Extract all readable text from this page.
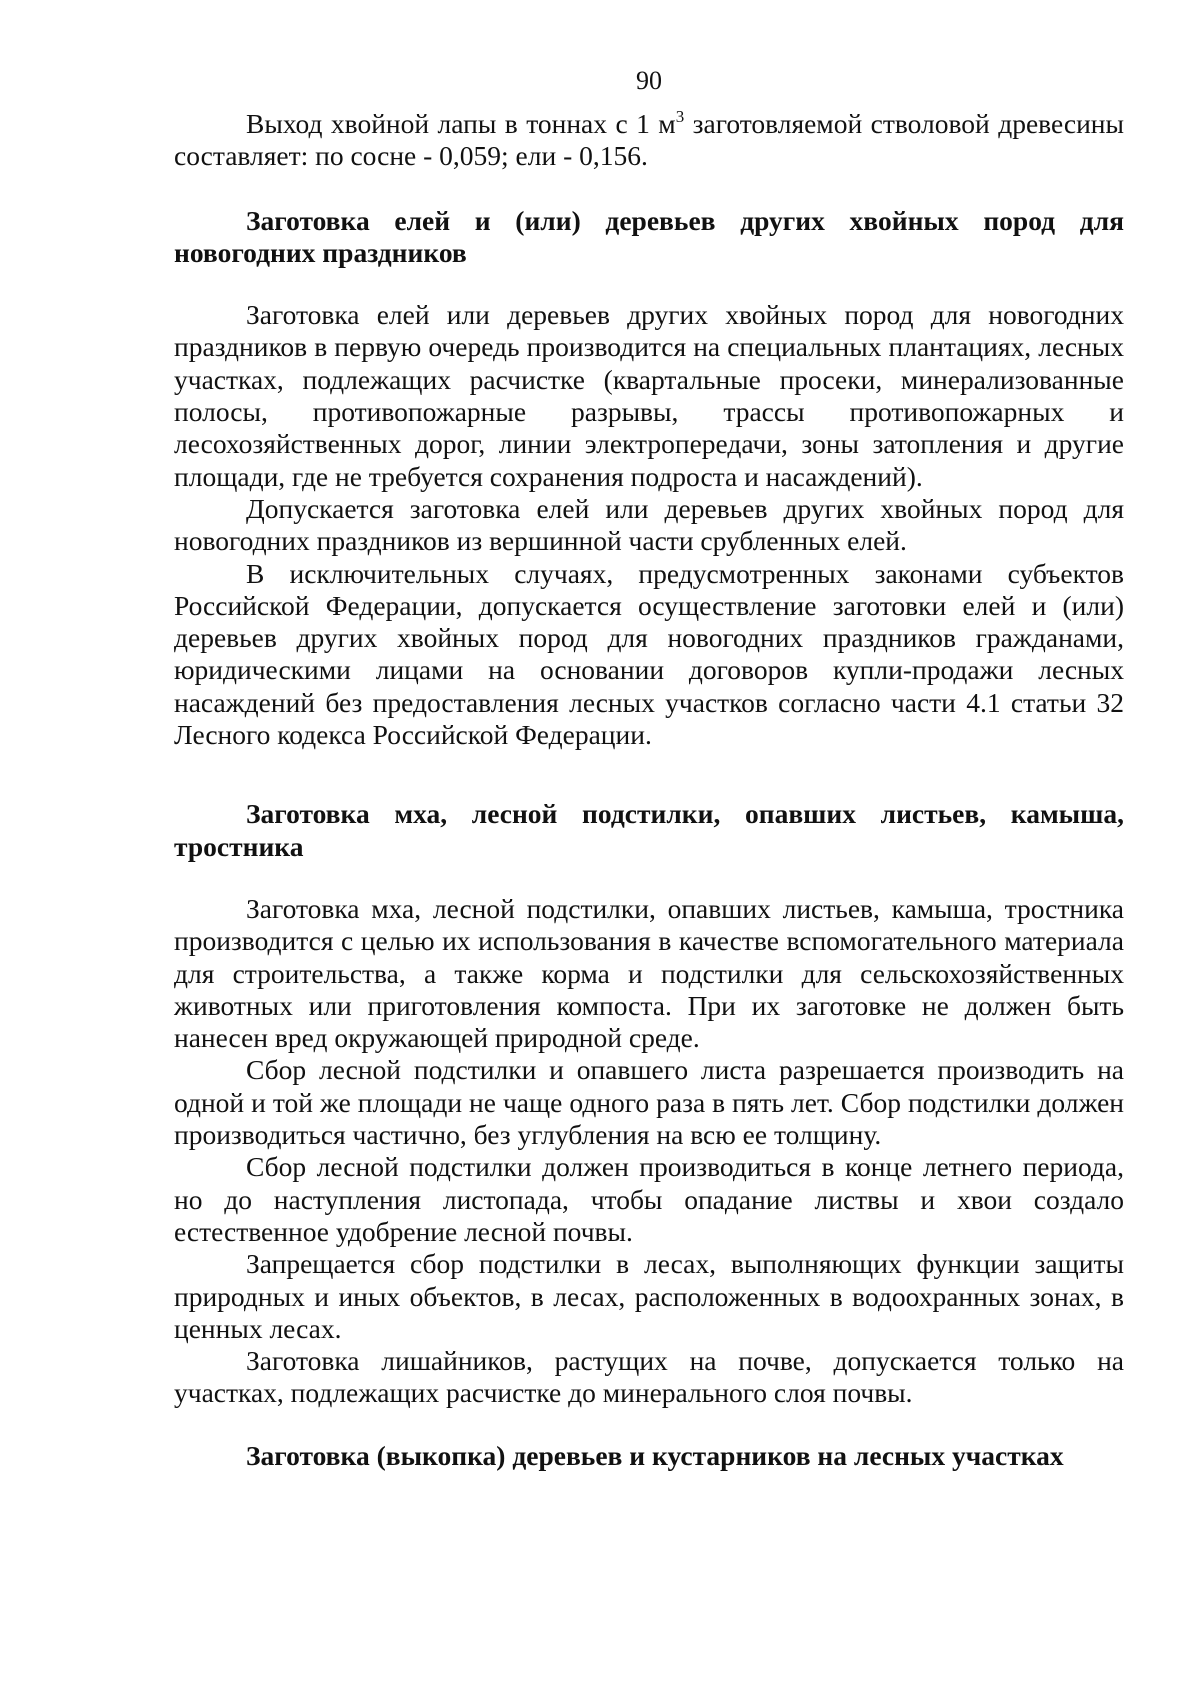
90

Выход хвойной лапы в тоннах с 1 $м^3$ заготовляемой стволовой древесины составляет: по сосне - 0,059; ели - 0,156.

Заготовка елей и (или) деревьев других хвойных пород для новогодних праздников

Заготовка елей или деревьев других хвойных пород для новогодних праздников в первую очередь производится на специальных плантациях, лесных участках, подлежащих расчистке (квартальные просеки, минерализованные полосы, противопожарные разрывы, трассы противопожарных и лесохозяйственных дорог, линии электропередачи, зоны затопления и другие площади, где не требуется сохранения подроста и насаждений).

Допускается заготовка елей или деревьев других хвойных пород для новогодних праздников из вершинной части срубленных елей.

В исключительных случаях, предусмотренных законами субъектов Российской Федерации, допускается осуществление заготовки елей и (или) деревьев других хвойных пород для новогодних праздников гражданами, юридическими лицами на основании договоров купли-продажи лесных насаждений без предоставления лесных участков согласно части 4.1 статьи 32 Лесного кодекса Российской Федерации.

Заготовка мха, лесной подстилки, опавших листьев, камыша, тростника

Заготовка мха, лесной подстилки, опавших листьев, камыша, тростника производится с целью их использования в качестве вспомогательного материала для строительства, а также корма и подстилки для сельскохозяйственных животных или приготовления компоста. При их заготовке не должен быть нанесен вред окружающей природной среде.

Сбор лесной подстилки и опавшего листа разрешается производить на одной и той же площади не чаще одного раза в пять лет. Сбор подстилки должен производиться частично, без углубления на всю ее толщину.

Сбор лесной подстилки должен производиться в конце летнего периода, но до наступления листопада, чтобы опадание листвы и хвои создало естественное удобрение лесной почвы.

Запрещается сбор подстилки в лесах, выполняющих функции защиты природных и иных объектов, в лесах, расположенных в водоохранных зонах, в ценных лесах.

Заготовка лишайников, растущих на почве, допускается только на участках, подлежащих расчистке до минерального слоя почвы.

Заготовка (выкопка) деревьев и кустарников на лесных участках
